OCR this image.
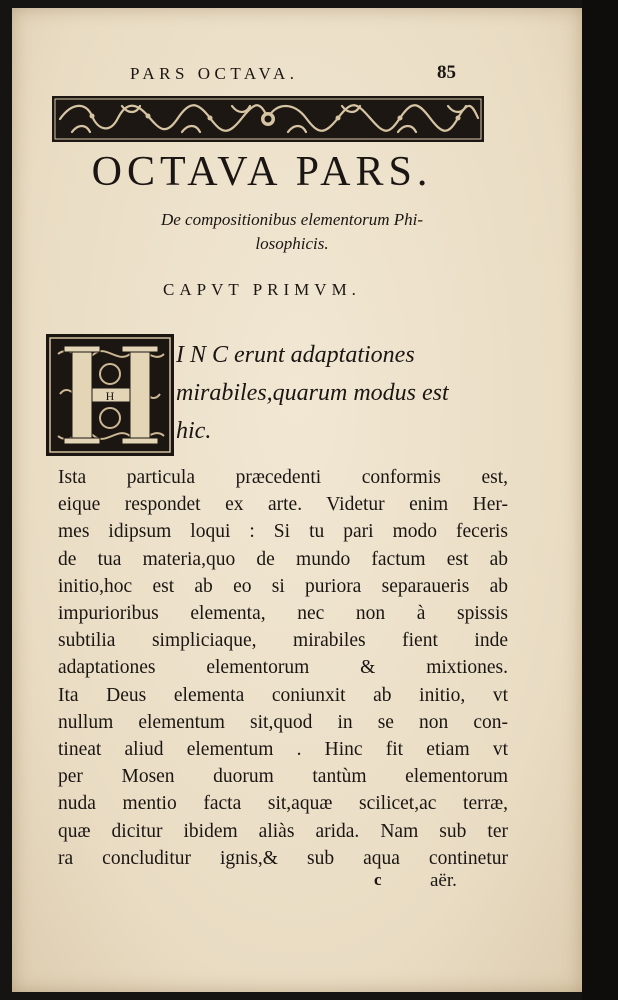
PARS OCTAVA.	85
OCTAVA PARS.
De compositionibus elementorum Phi-
losophicis.
CAPVT PRIMVM.
H
I N C erunt adaptationes
mirabiles,quarum modus est
hic.
Ista particula præcedenti conformis est,
eique respondet ex arte. Videtur enim Her-
mes idipsum loqui : Si tu pari modo feceris
de tua materia,quo de mundo factum est ab
initio,hoc est ab eo si puriora separaueris ab
impurioribus elementa, nec non à spissis
subtilia simpliciaque, mirabiles fient inde
adaptationes elementorum & mixtiones.
Ita Deus elementa coniunxit ab initio, vt
nullum elementum sit,quod in se non con-
tineat aliud elementum . Hinc fit etiam vt
per Mosen duorum tantùm elementorum
nuda mentio facta sit,aquæ scilicet,ac terræ,
quæ dicitur ibidem aliàs arida. Nam sub ter
ra concluditur ignis,& sub aqua continetur
c	aër.
